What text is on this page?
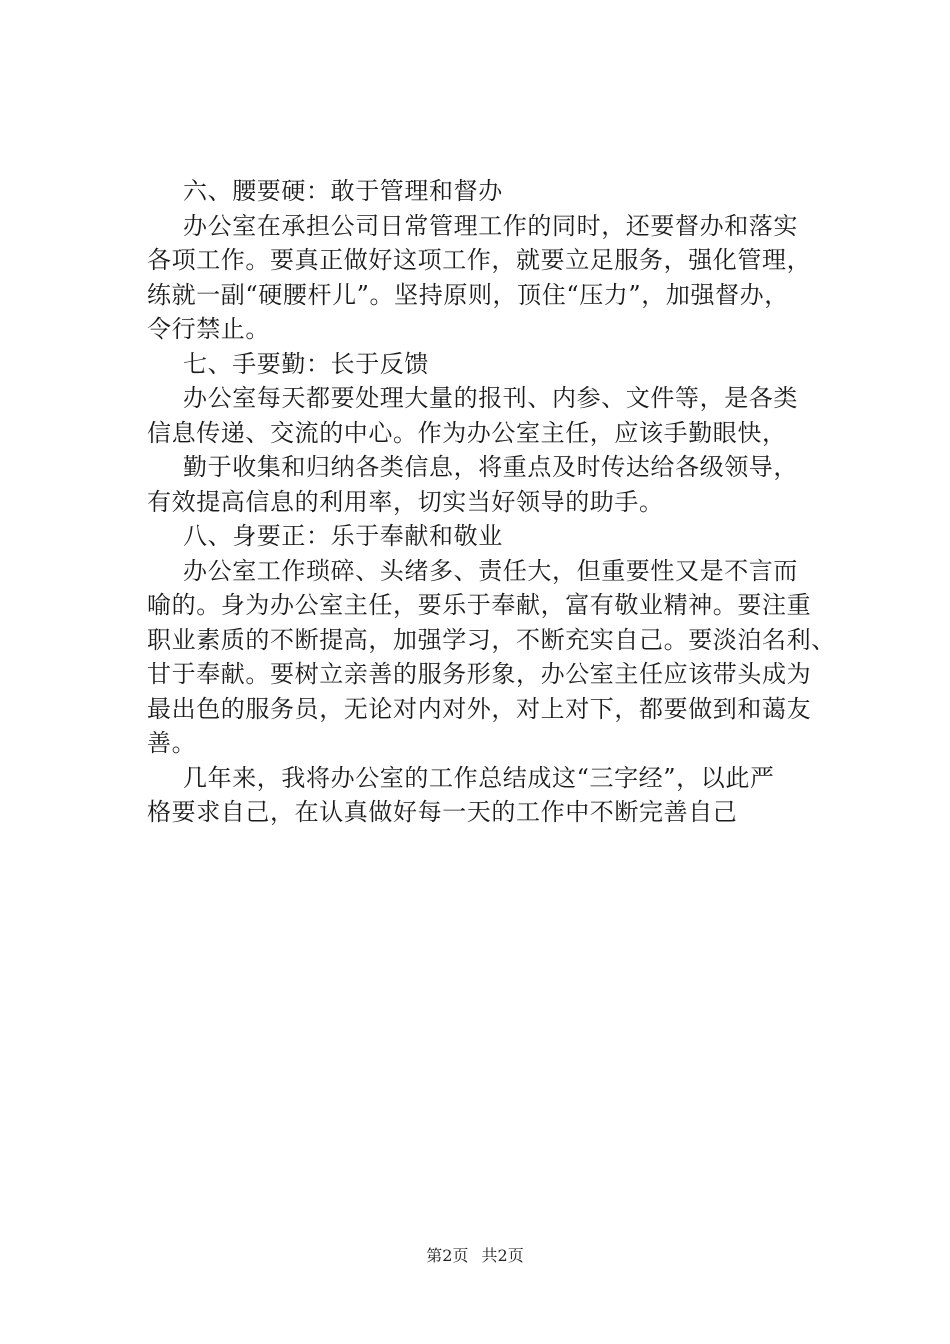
六、腰要硬：敢于管理和督办
办公室在承担公司日常管理工作的同时，还要督办和落实
各项工作。要真正做好这项工作，就要立足服务，强化管理，
练就一副“硬腰杆儿”。坚持原则，顶住“压力”，加强督办，
令行禁止。
七、手要勤：长于反馈
办公室每天都要处理大量的报刊、内参、文件等，是各类
信息传递、交流的中心。作为办公室主任，应该手勤眼快，
勤于收集和归纳各类信息，将重点及时传达给各级领导，
有效提高信息的利用率，切实当好领导的助手。
八、身要正：乐于奉献和敬业
办公室工作琐碎、头绪多、责任大，但重要性又是不言而
喻的。身为办公室主任，要乐于奉献，富有敬业精神。要注重
职业素质的不断提高，加强学习，不断充实自己。要淡泊名利、
甘于奉献。要树立亲善的服务形象，办公室主任应该带头成为
最出色的服务员，无论对内对外，对上对下，都要做到和蔼友
善。
几年来，我将办公室的工作总结成这“三字经”，以此严
格要求自己，在认真做好每一天的工作中不断完善自己
第2页 共2页
